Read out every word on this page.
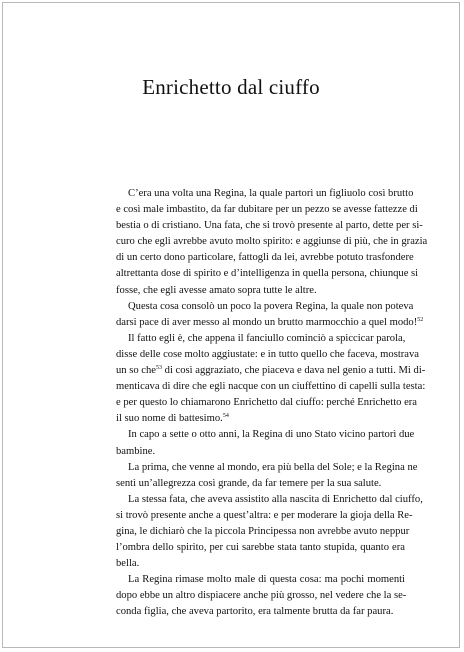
Enrichetto dal ciuffo

C’era una volta una Regina, la quale partorì un figliuolo così brutto
e così male imbastito, da far dubitare per un pezzo se avesse fattezze di
bestia o di cristiano. Una fata, che si trovò presente al parto, dette per si-
curo che egli avrebbe avuto molto spirito: e aggiunse di più, che in grazia
di un certo dono particolare, fattogli da lei, avrebbe potuto trasfondere
altrettanta dose di spirito e d’intelligenza in quella persona, chiunque si
fosse, che egli avesse amato sopra tutte le altre.

Questa cosa consolò un poco la povera Regina, la quale non poteva
darsi pace di aver messo al mondo un brutto marmocchio a quel modo!$^{52}$

Il fatto egli è, che appena il fanciullo cominciò a spiccicar parola,
disse delle cose molto aggiustate: e in tutto quello che faceva, mostrava
un so che$^{53}$ di così aggraziato, che piaceva e dava nel genio a tutti. Mi di-
menticava di dire che egli nacque con un ciuffettino di capelli sulla testa:
e per questo lo chiamarono Enrichetto dal ciuffo: perché Enrichetto era
il suo nome di battesimo.$^{54}$

In capo a sette o otto anni, la Regina di uno Stato vicino partorì due
bambine.

La prima, che venne al mondo, era più bella del Sole; e la Regina ne
sentì un’allegrezza così grande, da far temere per la sua salute.

La stessa fata, che aveva assistito alla nascita di Enrichetto dal ciuffo,
si trovò presente anche a quest’altra: e per moderare la gioja della Re-
gina, le dichiarò che la piccola Principessa non avrebbe avuto neppur
l’ombra dello spirito, per cui sarebbe stata tanto stupida, quanto era
bella.

La Regina rimase molto male di questa cosa: ma pochi momenti
dopo ebbe un altro dispiacere anche più grosso, nel vedere che la se-
conda figlia, che aveva partorito, era talmente brutta da far paura.
